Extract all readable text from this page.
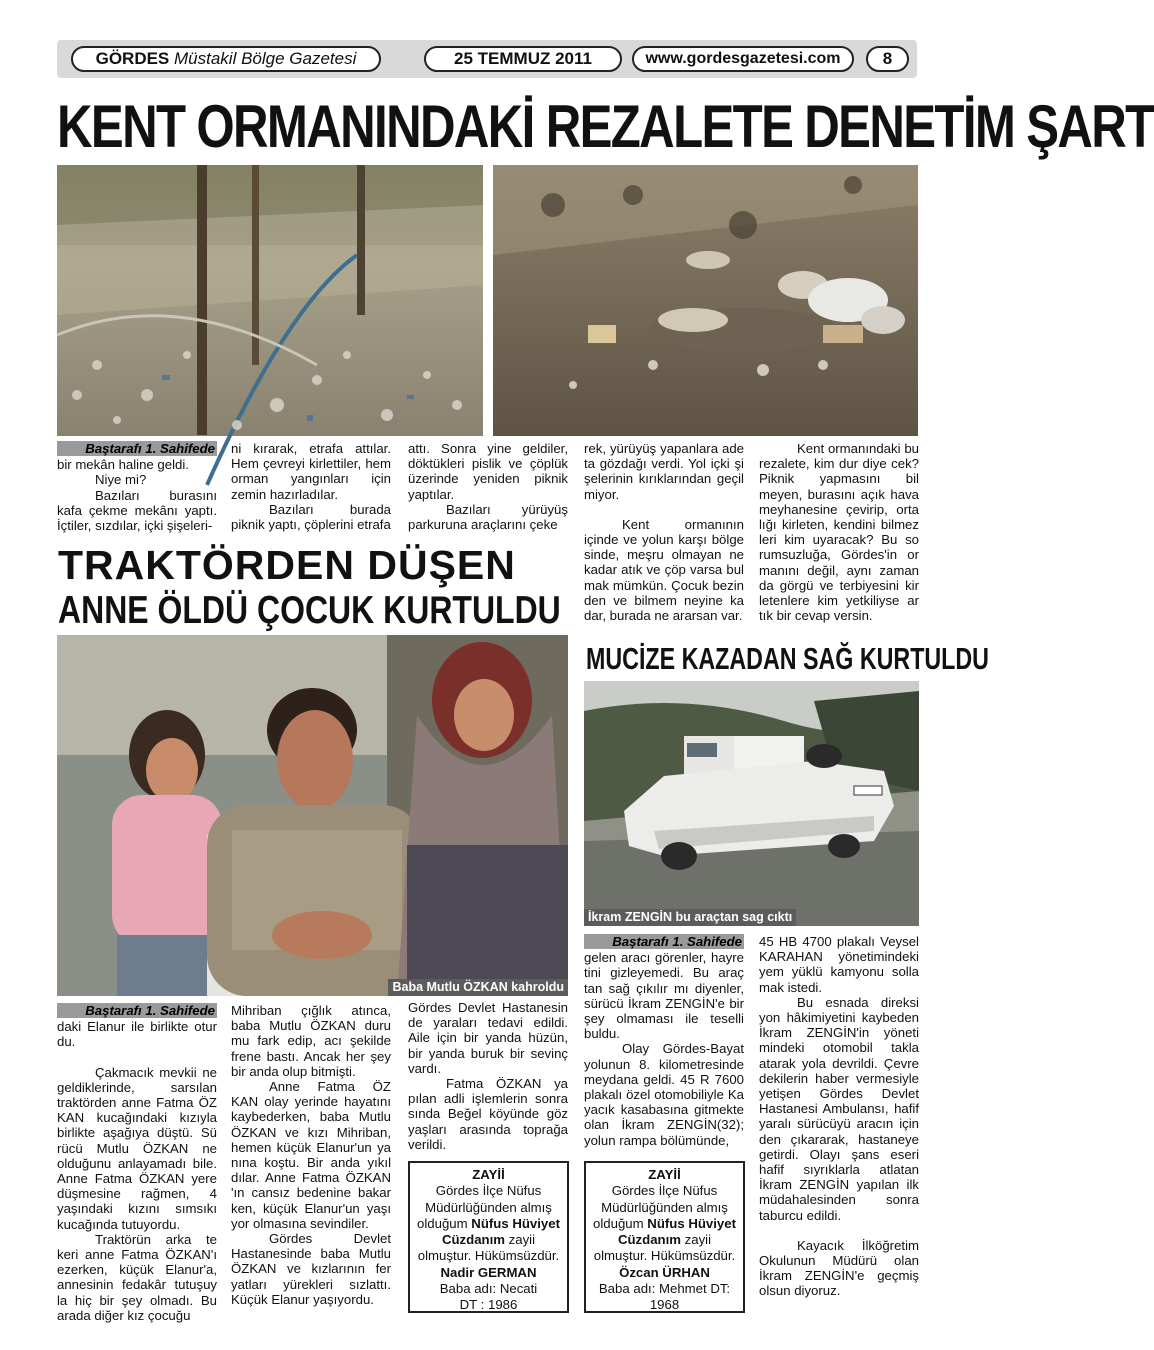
GÖRDES
Müstakil Bölge Gazetesi	25 TEMMUZ 2011	www.gordesgazetesi.com 8
KENT ORMANINDAKİ REZALETE DENETİM ŞART
Baştarafı 1. Sahifede

bir mekân haline geldi.

Niye mi?

Bazıları burasını kafa çekme mekânı yaptı. İçtiler, sızdılar, içki şişeleri-

ni kırarak, etrafa attılar. Hem çevreyi kirlettiler, hem orman yangınları için zemin hazırladılar.

Bazıları burada piknik yaptı, çöplerini etrafa

attı. Sonra yine geldiler, döktükleri pislik ve çöplük üzerinde yeniden piknik yaptılar.

Bazıları yürüyüş parkuruna araçlarını çeke

rek, yürüyüş yapanlara ade ta gözdağı verdi. Yol içki şi şelerinin kırıklarından geçil miyor.

Kent ormanının içinde ve yolun karşı bölge sinde, meşru olmayan ne kadar atık ve çöp varsa bul mak mümkün. Çocuk bezin den ve bilmem neyine ka dar, burada ne ararsan var.

Kent ormanındaki bu rezalete, kim dur diye cek? Piknik yapmasını bil meyen, burasını açık hava meyhanesine çevirip, orta lığı kirleten, kendini bilmez leri kim uyaracak? Bu so rumsuzluğa, Gördes'in or manını değil, aynı zaman da görgü ve terbiyesini kir letenlere kim yetkiliyse ar tık bir cevap versin.

TRAKTÖRDEN DÜŞEN
ANNE ÖLDÜ ÇOCUK KURTULDU
MUCİZE KAZADAN SAĞ KURTULDU
Baba Mutlu ÖZKAN kahroldu
İkram ZENGİN bu araçtan sag cıktı
Baştarafı 1. Sahifede

daki Elanur ile birlikte otur du.

Çakmacık mevkii ne geldiklerinde, sarsılan traktörden anne Fatma ÖZ KAN kucağındaki kızıyla birlikte aşağıya düştü. Sü rücü Mutlu ÖZKAN ne olduğunu anlayamadı bile. Anne Fatma ÖZKAN yere düşmesine rağmen, 4 yaşındaki kızını sımsıkı kucağında tutuyordu.

Traktörün arka te keri anne Fatma ÖZKAN'ı ezerken, küçük Elanur'a, annesinin fedakâr tutuşuy la hiç bir şey olmadı. Bu arada diğer kız çocuğu

Mihriban çığlık atınca, baba Mutlu ÖZKAN duru mu fark edip, acı şekilde frene bastı. Ancak her şey bir anda olup bitmişti.

Anne Fatma ÖZ KAN olay yerinde hayatını kaybederken, baba Mutlu ÖZKAN ve kızı Mihriban, hemen küçük Elanur'un ya nına koştu. Bir anda yıkıl dılar. Anne Fatma ÖZKAN 'ın cansız bedenine bakar ken, küçük Elanur'un yaşı yor olmasına sevindiler.

Gördes Devlet Hastanesinde baba Mutlu ÖZKAN ve kızlarının fer yatları yürekleri sızlattı. Küçük Elanur yaşıyordu.

Gördes Devlet Hastanesin de yaraları tedavi edildi. Aile için bir yanda hüzün, bir yanda buruk bir sevinç vardı.

Fatma ÖZKAN ya pılan adli işlemlerin sonra sında Beğel köyünde göz yaşları arasında toprağa verildi.

ZAYİİ
Gördes İlçe Nüfus
Müdürlüğünden almış
olduğum Nüfus Hüviyet
Cüzdanım zayii
olmuştur. Hükümsüzdür.
Nadir GERMAN
Baba adı: Necati
DT : 1986
Baştarafı 1. Sahifede

gelen aracı görenler, hayre tini gizleyemedi. Bu araç tan sağ çıkılır mı diyenler, sürücü İkram ZENGİN'e bir şey olmaması ile teselli buldu.

Olay Gördes-Bayat yolunun 8. kilometresinde meydana geldi. 45 R 7600 plakalı özel otomobiliyle Ka yacık kasabasına gitmekte olan İkram ZENGİN(32); yolun rampa bölümünde,

45 HB 4700 plakalı Veysel KARAHAN yönetimindeki yem yüklü kamyonu solla mak istedi.

Bu esnada direksi yon hâkimiyetini kaybeden İkram ZENGİN'in yöneti mindeki otomobil takla atarak yola devrildi. Çevre dekilerin haber vermesiyle yetişen Gördes Devlet Hastanesi Ambulansı, hafif yaralı sürücüyü aracın için den çıkararak, hastaneye getirdi. Olayı şans eseri hafif sıyrıklarla atlatan İkram ZENGİN yapılan ilk müdahalesinden sonra taburcu edildi.

Kayacık İlköğretim Okulunun Müdürü olan İkram ZENGİN'e geçmiş olsun diyoruz.

ZAYİİ
Gördes İlçe Nüfus
Müdürlüğünden almış
olduğum Nüfus Hüviyet
Cüzdanım zayii
olmuştur. Hükümsüzdür.
Özcan ÜRHAN
Baba adı: Mehmet DT:
1968
